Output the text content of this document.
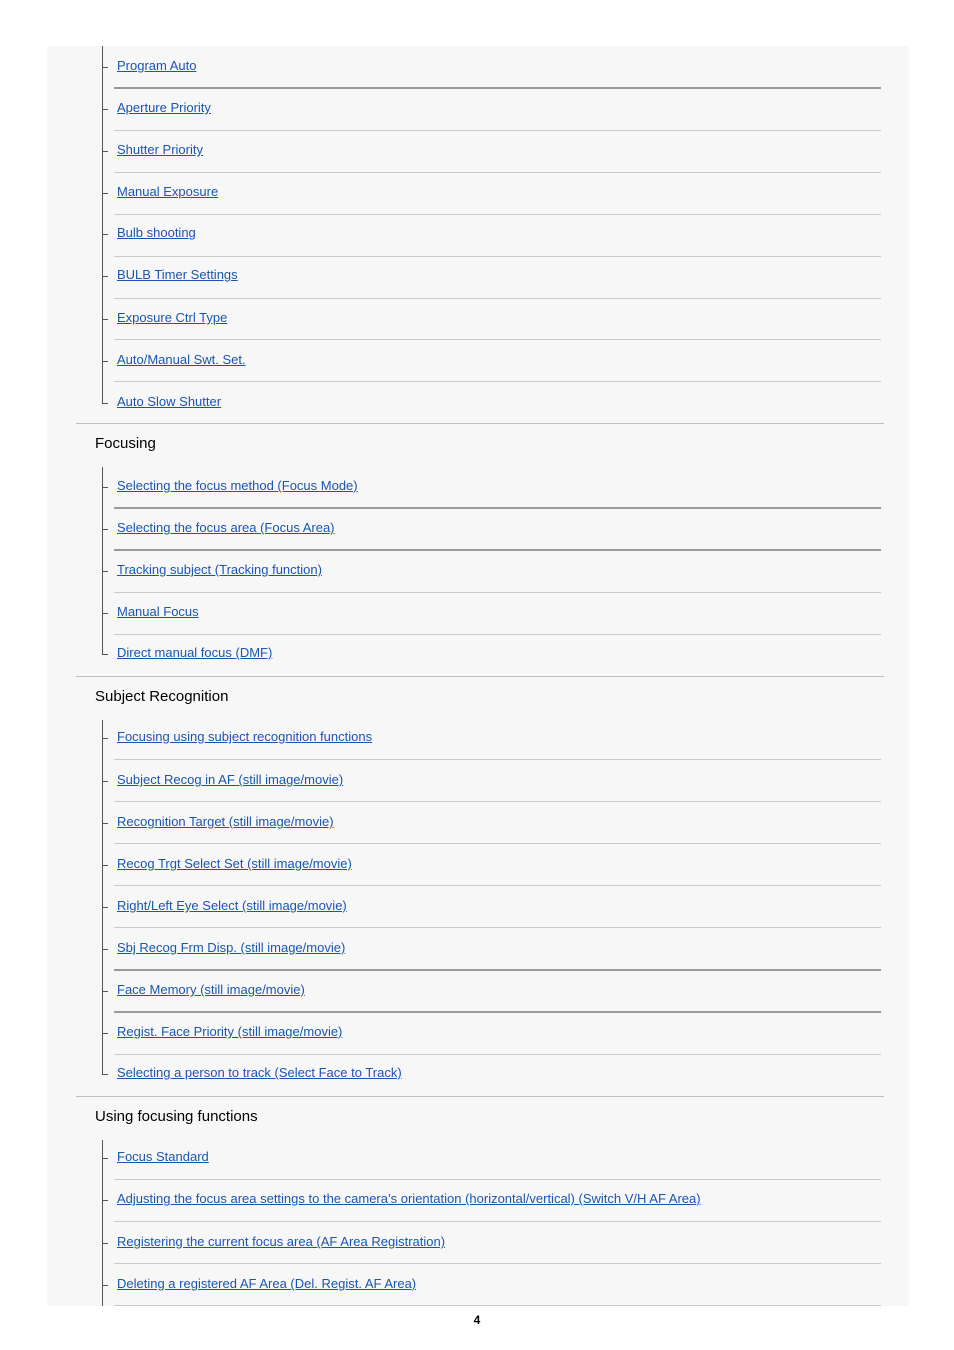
Program Auto
Aperture Priority
Shutter Priority
Manual Exposure
Bulb shooting
BULB Timer Settings
Exposure Ctrl Type
Auto/Manual Swt. Set.
Auto Slow Shutter
Focusing
Selecting the focus method (Focus Mode)
Selecting the focus area (Focus Area)
Tracking subject (Tracking function)
Manual Focus
Direct manual focus (DMF)
Subject Recognition
Focusing using subject recognition functions
Subject Recog in AF (still image/movie)
Recognition Target (still image/movie)
Recog Trgt Select Set (still image/movie)
Right/Left Eye Select (still image/movie)
Sbj Recog Frm Disp. (still image/movie)
Face Memory (still image/movie)
Regist. Face Priority (still image/movie)
Selecting a person to track (Select Face to Track)
Using focusing functions
Focus Standard
Adjusting the focus area settings to the camera’s orientation (horizontal/vertical) (Switch V/H AF Area)
Registering the current focus area (AF Area Registration)
Deleting a registered AF Area (Del. Regist. AF Area)
4
